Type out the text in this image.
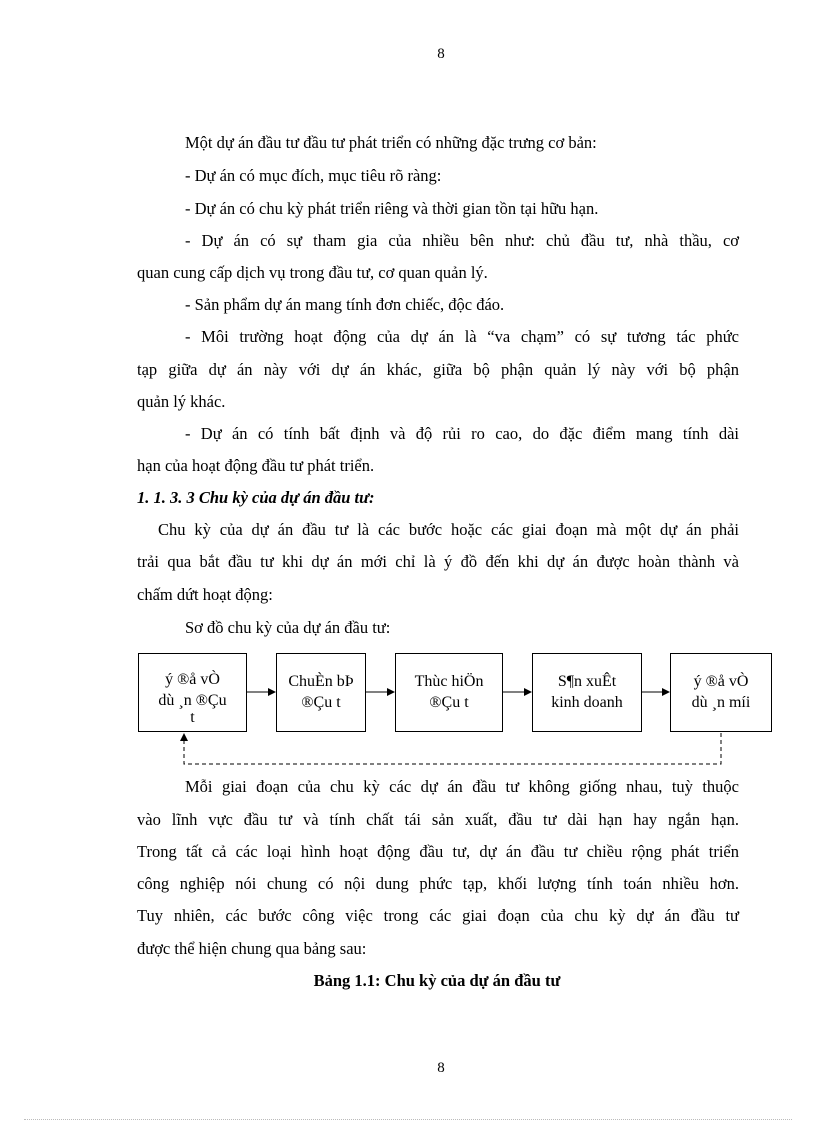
8
Một dự án đầu tư đầu tư phát triển có những đặc trưng cơ bản:
- Dự án có mục đích, mục tiêu rõ ràng:
- Dự án có chu kỳ phát triển riêng và thời gian tồn tại hữu hạn.
- Dự án có sự tham gia của nhiều bên như: chủ đầu tư, nhà thầu, cơ
quan cung cấp dịch vụ trong đầu tư, cơ quan quản lý.
- Sản phẩm dự án mang tính đơn chiếc, độc đáo.
- Môi trường hoạt động của dự án là “va chạm” có sự tương tác phức
tạp giữa dự án này với dự án khác, giữa bộ phận quản lý này với bộ phận
quản lý khác.
- Dự án có tính bất định và độ rủi ro cao, do đặc điểm mang tính dài
hạn của hoạt động đầu tư phát triển.
1. 1. 3. 3 Chu kỳ của dự án đầu tư:
Chu kỳ của dự án đầu tư là các bước hoặc các giai đoạn mà một dự án phải
trải qua bắt đầu tư khi dự án mới chỉ là ý đồ đến khi dự án được hoàn thành và
chấm dứt hoạt động:
Sơ đồ chu kỳ của dự án đầu tư:
ý ®å vÒ
dù ¸n ®Çu
t
ChuÈn bÞ
®Çu t
Thùc hiÖn
®Çu t
S¶n xuÊt
kinh doanh
ý ®å vÒ
dù ¸n míi
Mỗi giai đoạn của chu kỳ các dự án đầu tư không giống nhau, tuỳ thuộc
vào lĩnh vực đầu tư và tính chất tái sản xuất, đầu tư dài hạn hay ngắn hạn.
Trong tất cả các loại hình hoạt động đầu tư, dự án đầu tư chiều rộng phát triển
công nghiệp nói chung có nội dung phức tạp, khối lượng tính toán nhiều hơn.
Tuy nhiên, các bước công việc trong các giai đoạn của chu kỳ dự án đầu tư
được thể hiện chung qua bảng sau:
Bảng 1.1: Chu kỳ của dự án đầu tư
8
